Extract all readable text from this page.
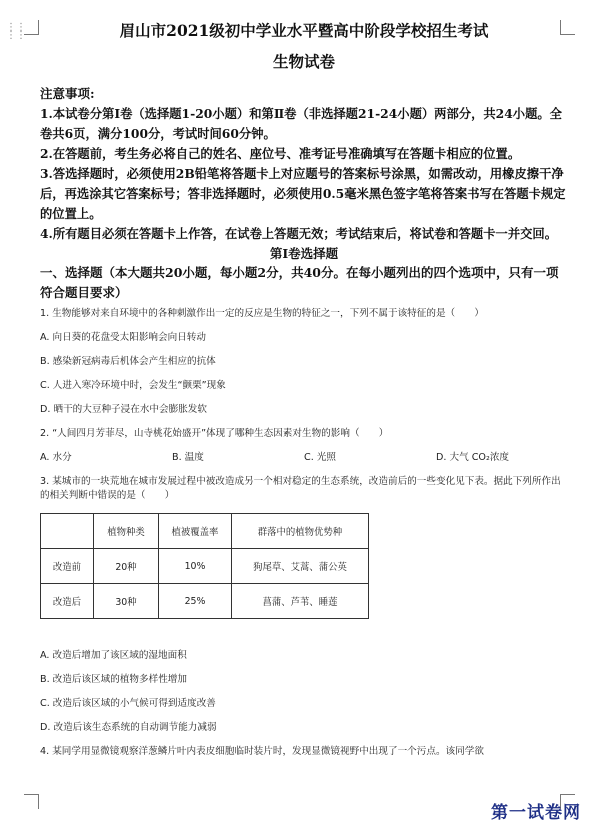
⋮⋮
⋮⋮	眉山市2021级初中学业水平暨高中阶段学校招生考试

生物试卷

注意事项:

1.本试卷分第Ⅰ卷（选择题1-20小题）和第Ⅱ卷（非选择题21-24小题）两部分，共24小题。全卷共6页，满分100分，考试时间60分钟。

2.在答题前，考生务必将自己的姓名、座位号、准考证号准确填写在答题卡相应的位置。

3.答选择题时，必须使用2B铅笔将答题卡上对应题号的答案标号涂黑，如需改动，用橡皮擦干净后，再选涂其它答案标号；答非选择题时，必须使用0.5毫米黑色签字笔将答案书写在答题卡规定的位置上。

4.所有题目必须在答题卡上作答，在试卷上答题无效；考试结束后，将试卷和答题卡一并交回。

第Ⅰ卷选择题

一、选择题（本大题共20小题，每小题2分，共40分。在每小题列出的四个选项中，只有一项符合题目要求）

1. 生物能够对来自环境中的各种刺激作出一定的反应是生物的特征之一，下列不属于该特征的是（　　）

A. 向日葵的花盘受太阳影响会向日转动

B. 感染新冠病毒后机体会产生相应的抗体

C. 人进入寒冷环境中时，会发生“颤栗”现象

D. 晒干的大豆种子浸在水中会膨胀发软

2. “人间四月芳菲尽，山寺桃花始盛开”体现了哪种生态因素对生物的影响（　　）

A. 水分	B. 温度	C. 光照	D. 大气 CO₂浓度

3. 某城市的一块荒地在城市发展过程中被改造成另一个相对稳定的生态系统，改造前后的一些变化见下表。据此下列所作出的相关判断中错误的是（　　）

	植物种类	植被覆盖率	群落中的植物优势种
改造前	20种	10%	狗尾草、艾蒿、蒲公英
改造后	30种	25%	菖蒲、芦苇、睡莲

A. 改造后增加了该区域的湿地面积

B. 改造后该区域的植物多样性增加

C. 改造后该区域的小气候可得到适度改善

D. 改造后该生态系统的自动调节能力减弱

4. 某同学用显微镜观察洋葱鳞片叶内表皮细胞临时装片时，发现显微镜视野中出现了一个污点。该同学欲

第一试卷网
